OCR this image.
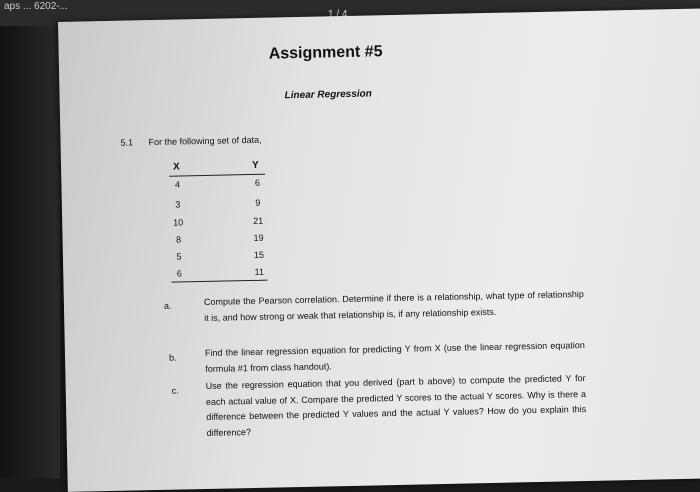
aps ... 6202-...
1 / 4
Assignment #5
Linear Regression
5.1 For the following set of data,
X	Y
4	6
3	9
10	21
8	19
5	15
6	11
a.	Compute the Pearson correlation. Determine if there is a relationship, what type of relationship it is, and how strong or weak that relationship is, if any relationship exists.
b.	Find the linear regression equation for predicting Y from X (use the linear regression equation formula #1 from class handout).
c.	Use the regression equation that you derived (part b above) to compute the predicted Y for each actual value of X. Compare the predicted Y scores to the actual Y scores. Why is there a difference between the predicted Y values and the actual Y values? How do you explain this difference?
